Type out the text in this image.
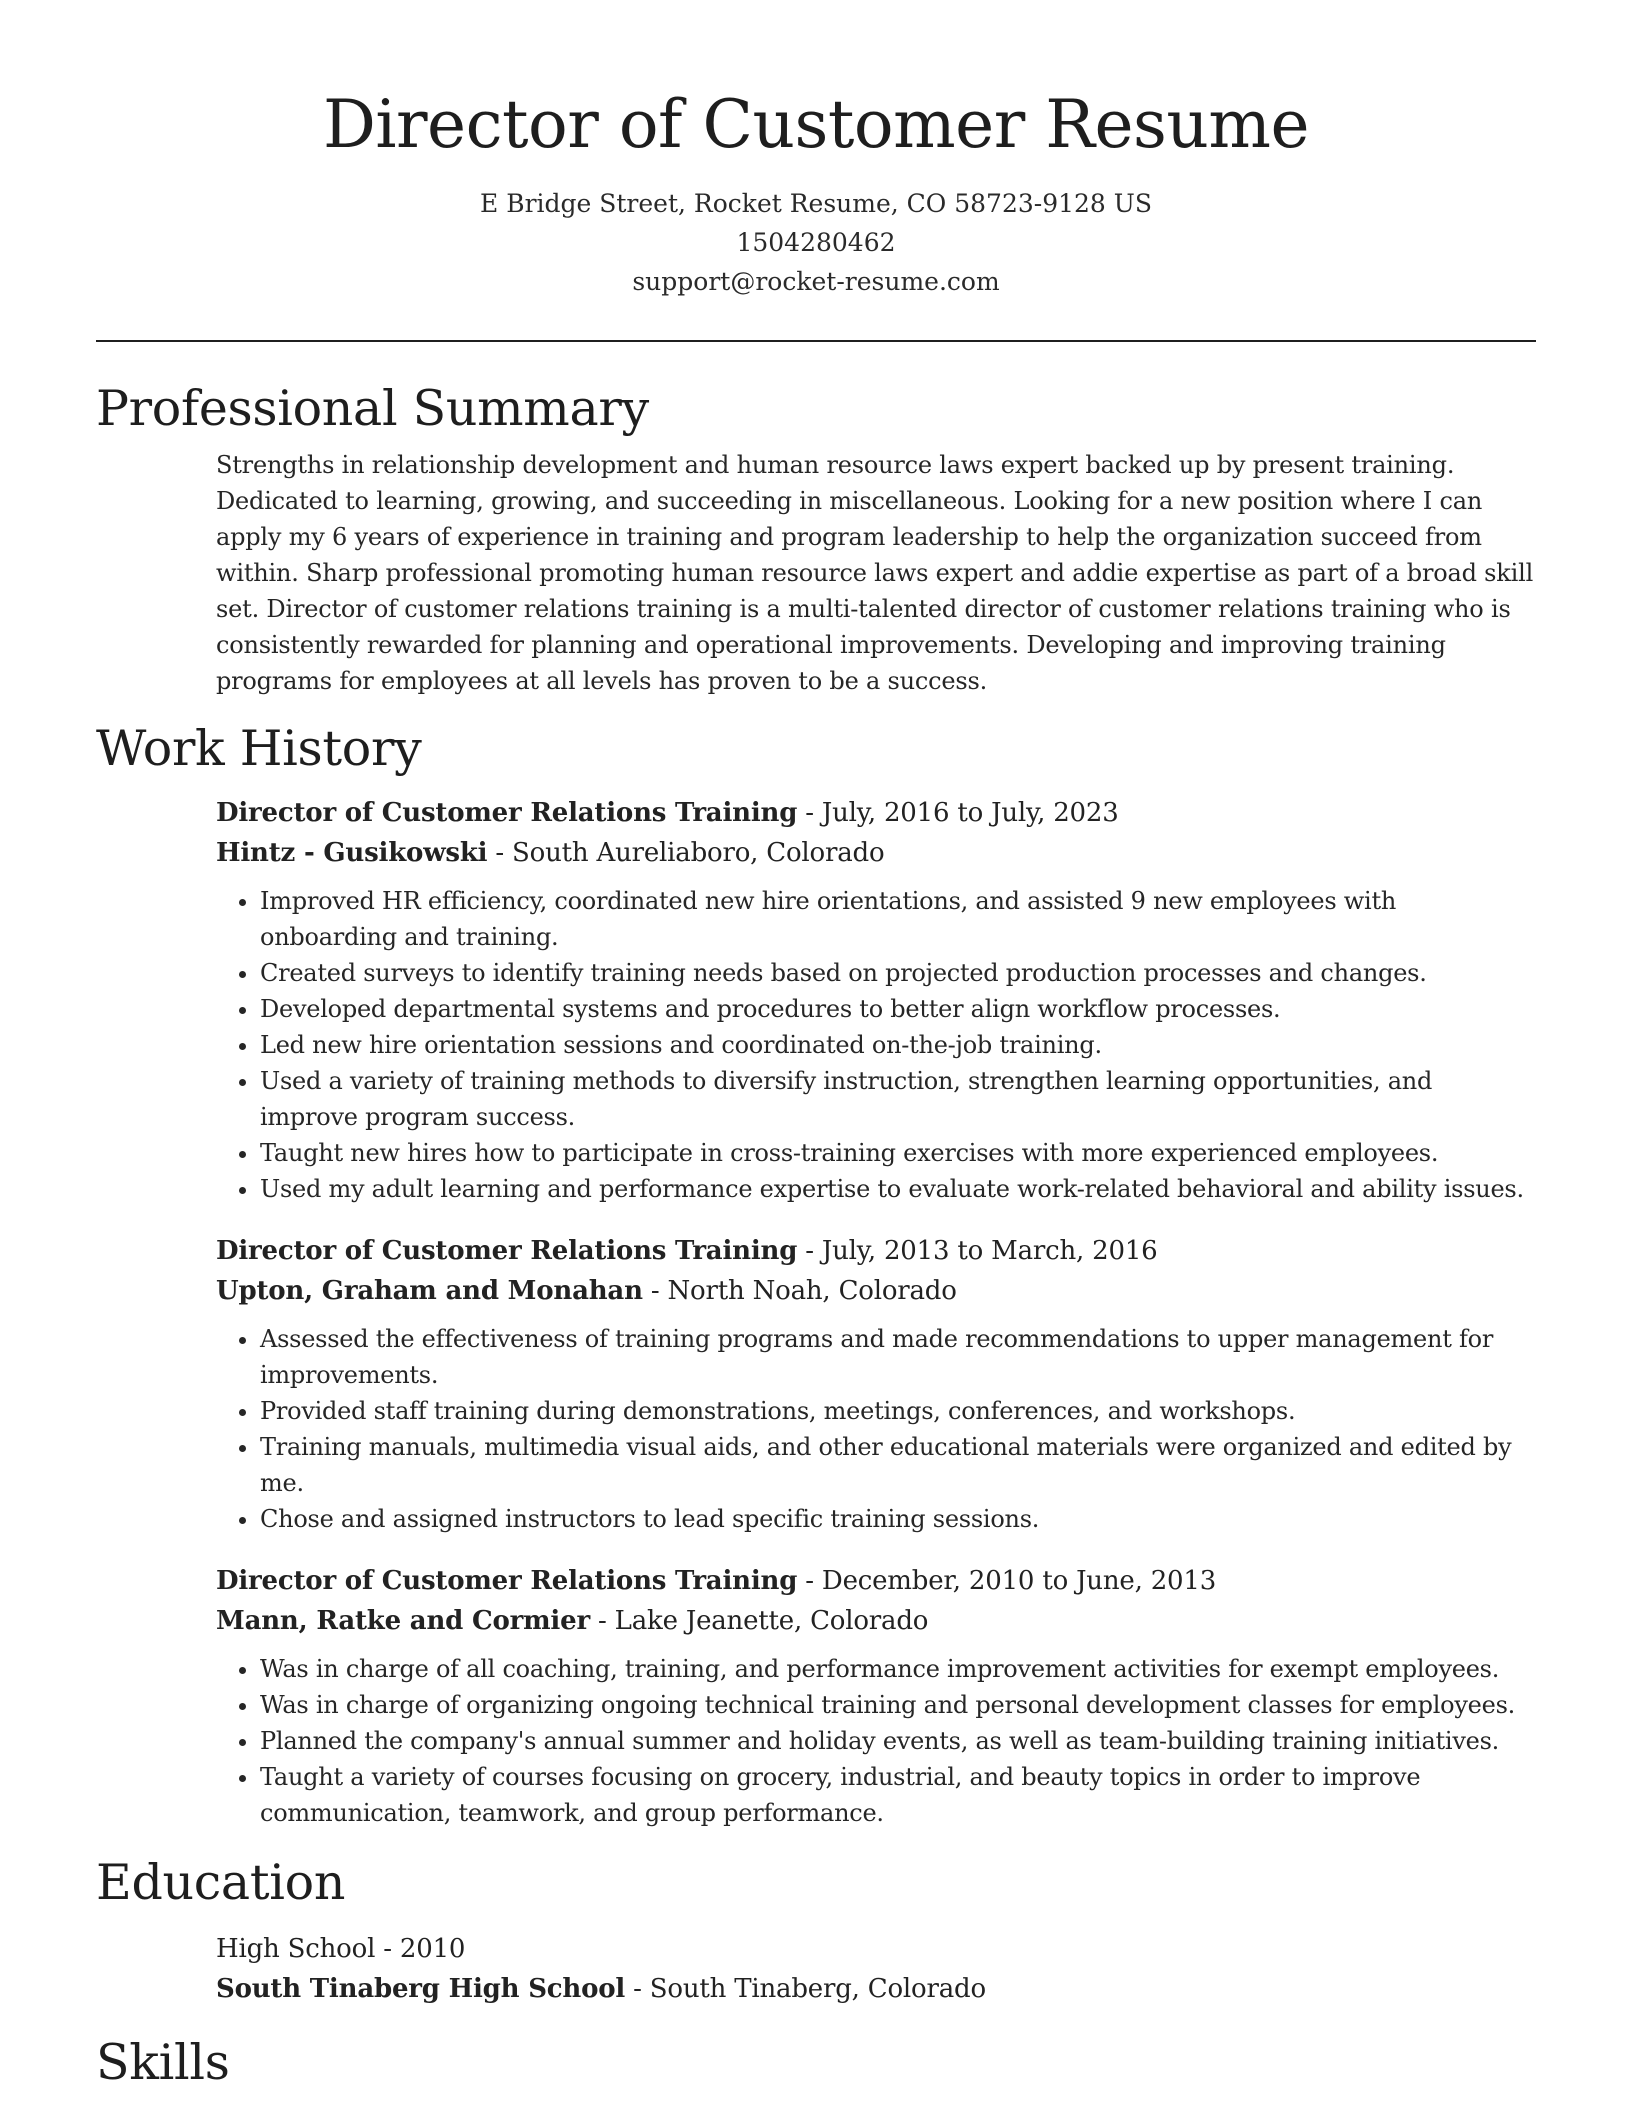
Director of Customer Resume

E Bridge Street, Rocket Resume, CO 58723-9128 US

1504280462

support@rocket-resume.com

Professional Summary

Strengths in relationship development and human resource laws expert backed up by present training. Dedicated to learning, growing, and succeeding in miscellaneous. Looking for a new position where I can apply my 6 years of experience in training and program leadership to help the organization succeed from within. Sharp professional promoting human resource laws expert and addie expertise as part of a broad skill set. Director of customer relations training is a multi-talented director of customer relations training who is consistently rewarded for planning and operational improvements. Developing and improving training programs for employees at all levels has proven to be a success.

Work History

Director of Customer Relations Training - July, 2016 to July, 2023

Hintz - Gusikowski - South Aureliaboro, Colorado

• Improved HR efficiency, coordinated new hire orientations, and assisted 9 new employees with onboarding and training.
• Created surveys to identify training needs based on projected production processes and changes.
• Developed departmental systems and procedures to better align workflow processes.
• Led new hire orientation sessions and coordinated on-the-job training.
• Used a variety of training methods to diversify instruction, strengthen learning opportunities, and improve program success.
• Taught new hires how to participate in cross-training exercises with more experienced employees.
• Used my adult learning and performance expertise to evaluate work-related behavioral and ability issues.

Director of Customer Relations Training - July, 2013 to March, 2016

Upton, Graham and Monahan - North Noah, Colorado

• Assessed the effectiveness of training programs and made recommendations to upper management for improvements.
• Provided staff training during demonstrations, meetings, conferences, and workshops.
• Training manuals, multimedia visual aids, and other educational materials were organized and edited by me.
• Chose and assigned instructors to lead specific training sessions.

Director of Customer Relations Training - December, 2010 to June, 2013

Mann, Ratke and Cormier - Lake Jeanette, Colorado

• Was in charge of all coaching, training, and performance improvement activities for exempt employees.
• Was in charge of organizing ongoing technical training and personal development classes for employees.
• Planned the company's annual summer and holiday events, as well as team-building training initiatives.
• Taught a variety of courses focusing on grocery, industrial, and beauty topics in order to improve communication, teamwork, and group performance.
Education

High School - 2010

South Tinaberg High School - South Tinaberg, Colorado

Skills
